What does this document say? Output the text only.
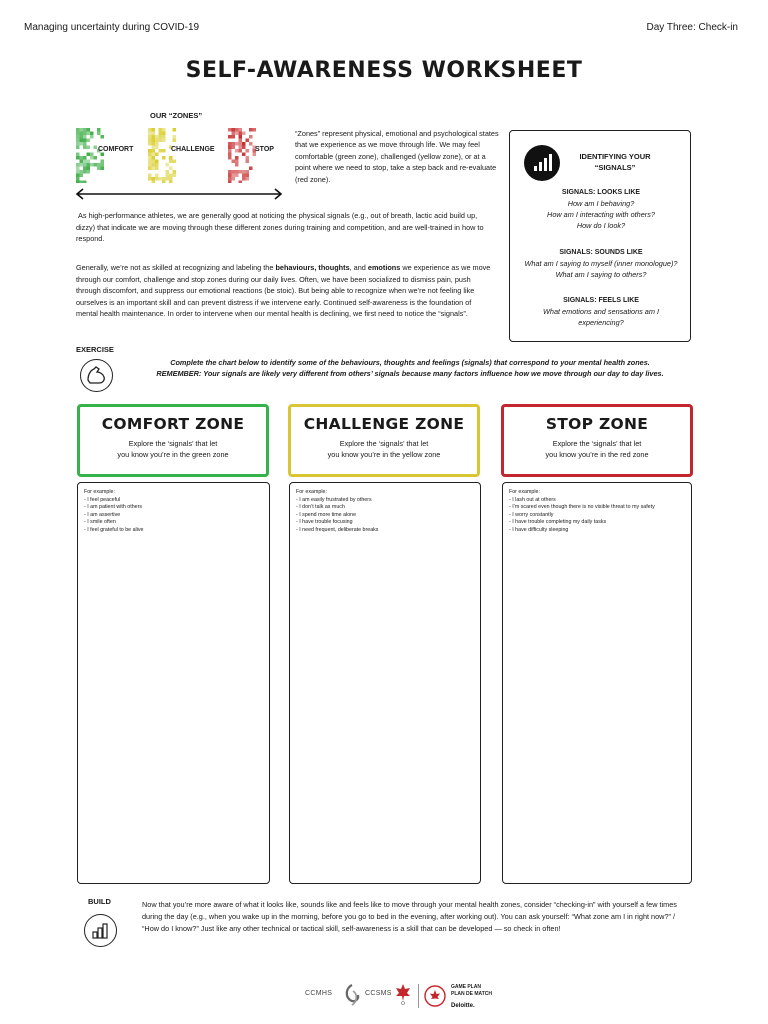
Managing uncertainty during COVID-19	Day Three: Check-in
SELF-AWARENESS WORKSHEET
OUR “ZONES”
COMFORT	CHALLENGE	STOP

“Zones” represent physical, emotional and psychological states that we experience as we move through life. We may feel comfortable (green zone), challenged (yellow zone), or at a point where we need to stop, take a step back and re-evaluate (red zone).

As high-performance athletes, we are generally good at noticing the physical signals (e.g., out of breath, lactic acid build up, dizzy) that indicate we are moving through these different zones during training and competition, and are well-trained in how to respond.

Generally, we’re not as skilled at recognizing and labeling the behaviours, thoughts, and emotions we experience as we move through our comfort, challenge and stop zones during our daily lives. Often, we have been socialized to dismiss pain, push through discomfort, and suppress our emotional reactions (be stoic). But being able to recognize when we’re not feeling like ourselves is an important skill and can prevent distress if we intervene early. Continued self-awareness is the foundation of mental health maintenance. In order to intervene when our mental health is declining, we first need to notice the “signals”.

IDENTIFYING YOUR
“SIGNALS”
SIGNALS: LOOKS LIKE
How am I behaving?
How am I interacting with others?
How do I look?
SIGNALS: SOUNDS LIKE
What am I saying to myself (inner monologue)?
What am I saying to others?
SIGNALS: FEELS LIKE
What emotions and sensations am I
experiencing?
EXERCISE
Complete the chart below to identify some of the behaviours, thoughts and feelings (signals) that correspond to your mental health zones.
REMEMBER: Your signals are likely very different from others’ signals because many factors influence how we move through our day to day lives.
COMFORT ZONE
Explore the ‘signals’ that let
you know you’re in the green zone
CHALLENGE ZONE
Explore the ‘signals’ that let
you know you’re in the yellow zone
STOP ZONE
Explore the ‘signals’ that let
you know you’re in the red zone
For example:
- I feel peaceful
- I am patient with others
- I am assertive
- I smile often
- I feel grateful to be alive
For example:
- I am easily frustrated by others
- I don’t talk as much
- I spend more time alone
- I have trouble focusing
- I need frequent, deliberate breaks
For example:
- I lash out at others
- I’m scared even though there is no visible threat to my safety
- I worry constantly
- I have trouble completing my daily tasks
- I have difficulty sleeping
BUILD	Now that you’re more aware of what it looks like, sounds like and feels like to move through your mental health zones, consider “checking-in” with yourself a few times during the day (e.g., when you wake up in the morning, before you go to bed in the evening, after working out). You can ask yourself: “What zone am I in right now?” / “How do I know?” Just like any other technical or tactical skill, self-awareness is a skill that can be developed — so check in often!

CCMHS	CCSMS
GAME PLAN
PLAN DE MATCH
Deloitte.
